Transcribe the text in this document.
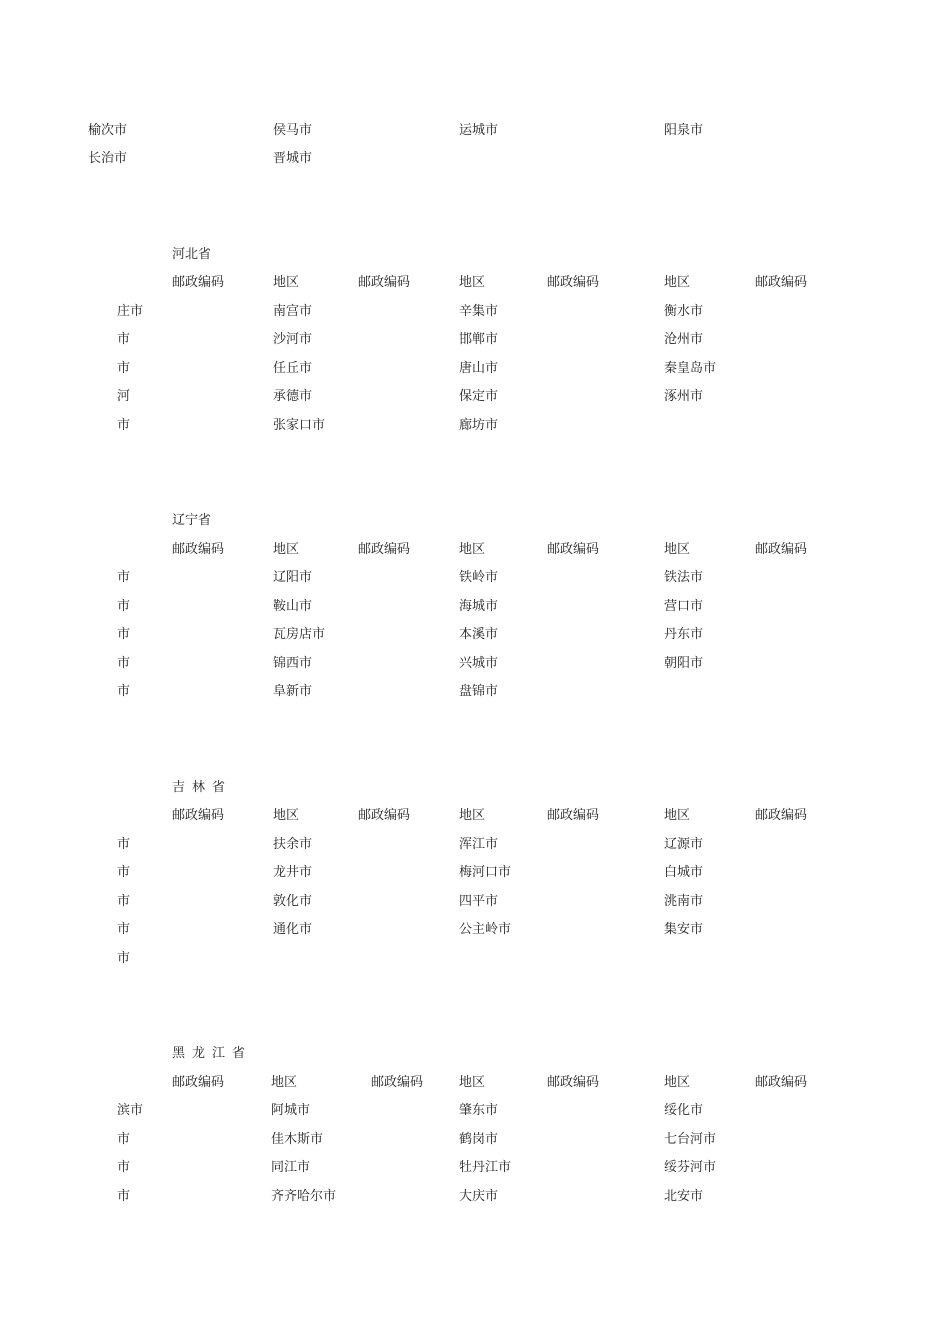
榆次市	侯马市	运城市	阳泉市
长治市	晋城市
河北省
邮政编码	地区	邮政编码	地区	邮政编码	地区	邮政编码
庄市	南宫市	辛集市	衡水市
市	沙河市	邯郸市	沧州市
市	任丘市	唐山市	秦皇岛市
河	承德市	保定市	涿州市
市	张家口市	廊坊市
辽宁省
邮政编码	地区	邮政编码	地区	邮政编码	地区	邮政编码
市	辽阳市	铁岭市	铁法市
市	鞍山市	海城市	营口市
市	瓦房店市	本溪市	丹东市
市	锦西市	兴城市	朝阳市
市	阜新市	盘锦市
吉林省
邮政编码	地区	邮政编码	地区	邮政编码	地区	邮政编码
市	扶余市	浑江市	辽源市
市	龙井市	梅河口市	白城市
市	敦化市	四平市	洮南市
市	通化市	公主岭市	集安市
市
黑龙江省
邮政编码	地区	邮政编码	地区	邮政编码	地区	邮政编码
滨市	阿城市	肇东市	绥化市
市	佳木斯市	鹤岗市	七台河市
市	同江市	牡丹江市	绥芬河市
市	齐齐哈尔市	大庆市	北安市
